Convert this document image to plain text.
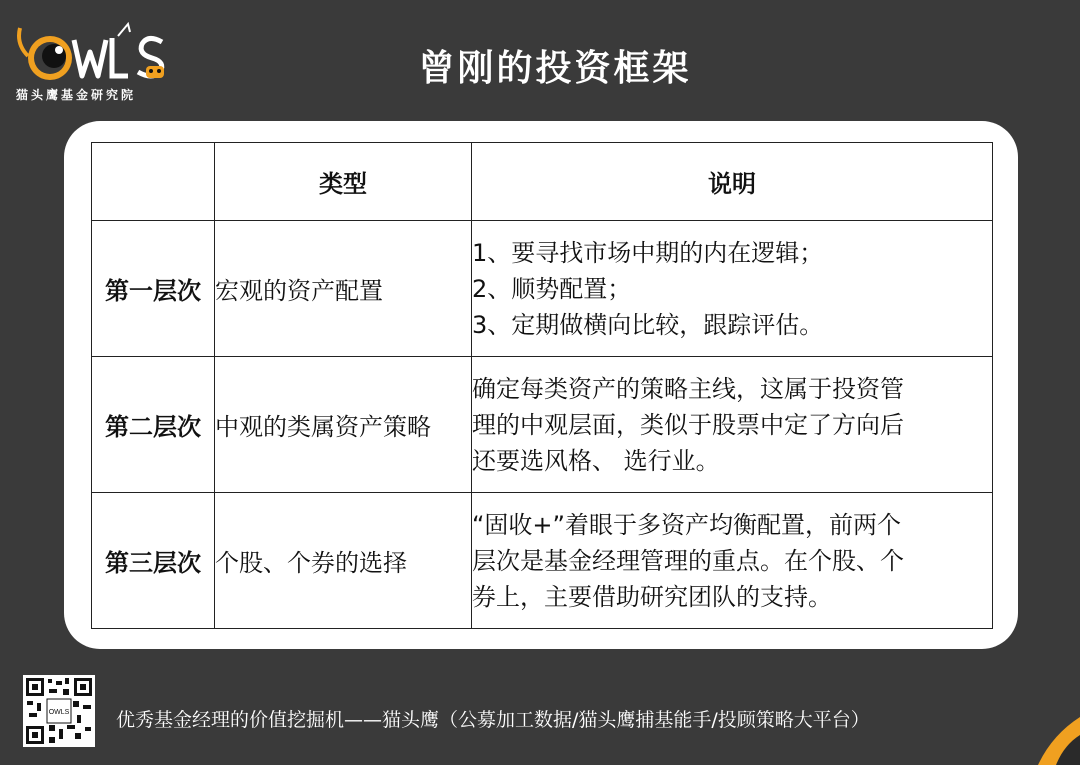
猫头鹰基金研究院
曾刚的投资框架
	类型	说明
第一层次	宏观的资产配置	1、要寻找市场中期的内在逻辑；
2、顺势配置；
3、定期做横向比较，跟踪评估。

第二层次	中观的类属资产策略	确定每类资产的策略主线，这属于投资管
理的中观层面，类似于股票中定了方向后
还要选风格、 选行业。

第三层次	个股、个券的选择	“固收+”着眼于多资产均衡配置，前两个
层次是基金经理管理的重点。在个股、个
券上，主要借助研究团队的支持。
OWLS 优秀基金经理的价值挖掘机——猫头鹰（公募加工数据/猫头鹰捕基能手/投顾策略大平台）
